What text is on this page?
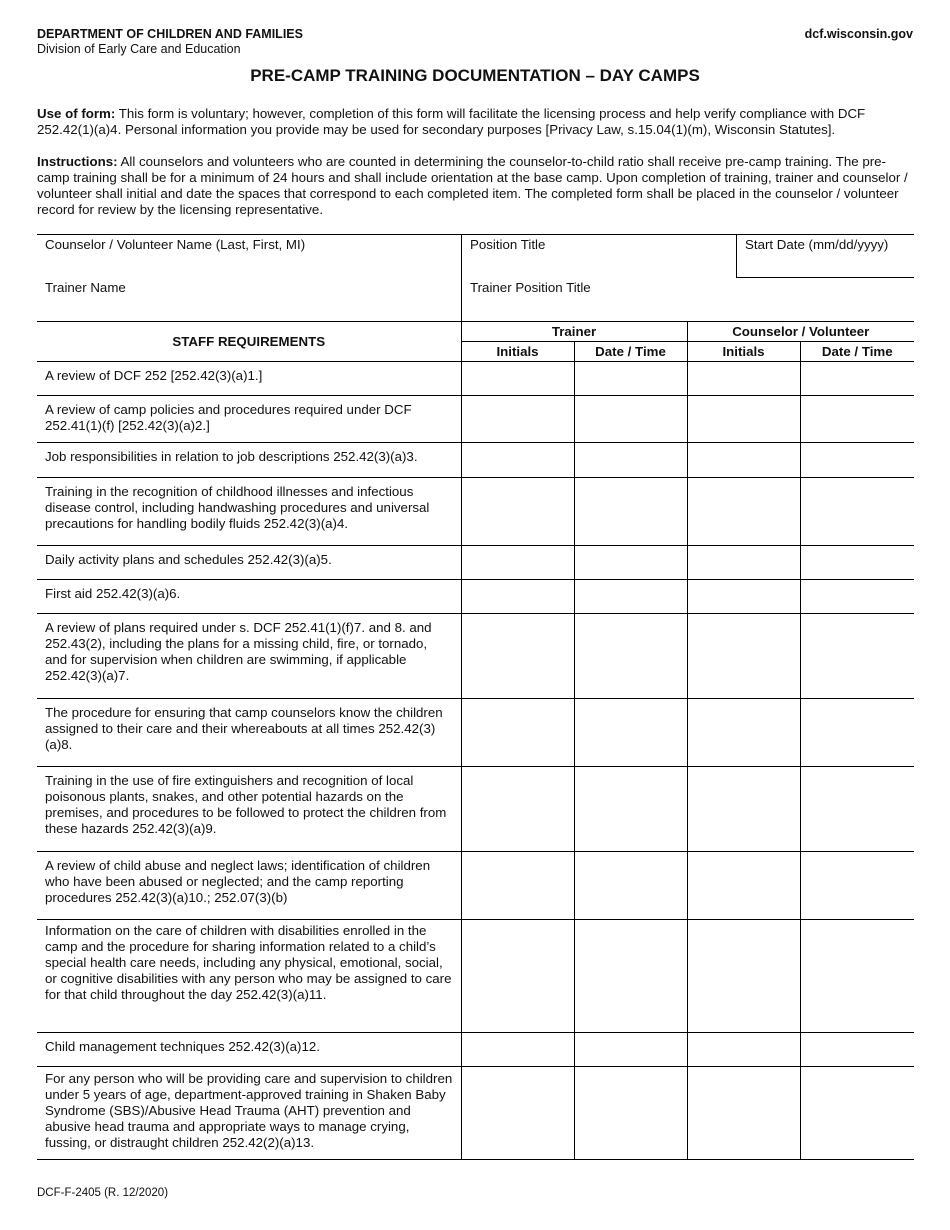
DEPARTMENT OF CHILDREN AND FAMILIES
Division of Early Care and Education
dcf.wisconsin.gov
PRE-CAMP TRAINING DOCUMENTATION – DAY CAMPS
Use of form: This form is voluntary; however, completion of this form will facilitate the licensing process and help verify compliance with DCF 252.42(1)(a)4. Personal information you provide may be used for secondary purposes [Privacy Law, s.15.04(1)(m), Wisconsin Statutes].
Instructions: All counselors and volunteers who are counted in determining the counselor-to-child ratio shall receive pre-camp training. The pre-camp training shall be for a minimum of 24 hours and shall include orientation at the base camp. Upon completion of training, trainer and counselor / volunteer shall initial and date the spaces that correspond to each completed item. The completed form shall be placed in the counselor / volunteer record for review by the licensing representative.
Counselor / Volunteer Name (Last, First, MI)	Position Title	Start Date (mm/dd/yyyy)
Trainer Name	Trainer Position Title
STAFF REQUIREMENTS	Trainer		Counselor / Volunteer	
	Initials	Date / Time	Initials	Date / Time
A review of DCF 252 [252.42(3)(a)1.]				
A review of camp policies and procedures required under DCF 252.41(1)(f) [252.42(3)(a)2.]				
Job responsibilities in relation to job descriptions 252.42(3)(a)3.				
Training in the recognition of childhood illnesses and infectious disease control, including handwashing procedures and universal precautions for handling bodily fluids 252.42(3)(a)4.				
Daily activity plans and schedules 252.42(3)(a)5.				
First aid 252.42(3)(a)6.				
A review of plans required under s. DCF 252.41(1)(f)7. and 8. and 252.43(2), including the plans for a missing child, fire, or tornado, and for supervision when children are swimming, if applicable 252.42(3)(a)7.				
The procedure for ensuring that camp counselors know the children assigned to their care and their whereabouts at all times 252.42(3)(a)8.				
Training in the use of fire extinguishers and recognition of local poisonous plants, snakes, and other potential hazards on the premises, and procedures to be followed to protect the children from these hazards 252.42(3)(a)9.				
A review of child abuse and neglect laws; identification of children who have been abused or neglected; and the camp reporting procedures 252.42(3)(a)10.; 252.07(3)(b)				
Information on the care of children with disabilities enrolled in the camp and the procedure for sharing information related to a child’s special health care needs, including any physical, emotional, social, or cognitive disabilities with any person who may be assigned to care for that child throughout the day 252.42(3)(a)11.				
Child management techniques 252.42(3)(a)12.				
For any person who will be providing care and supervision to children under 5 years of age, department-approved training in Shaken Baby Syndrome (SBS)/Abusive Head Trauma (AHT) prevention and abusive head trauma and appropriate ways to manage crying, fussing, or distraught children 252.42(2)(a)13.				
DCF-F-2405 (R. 12/2020)
